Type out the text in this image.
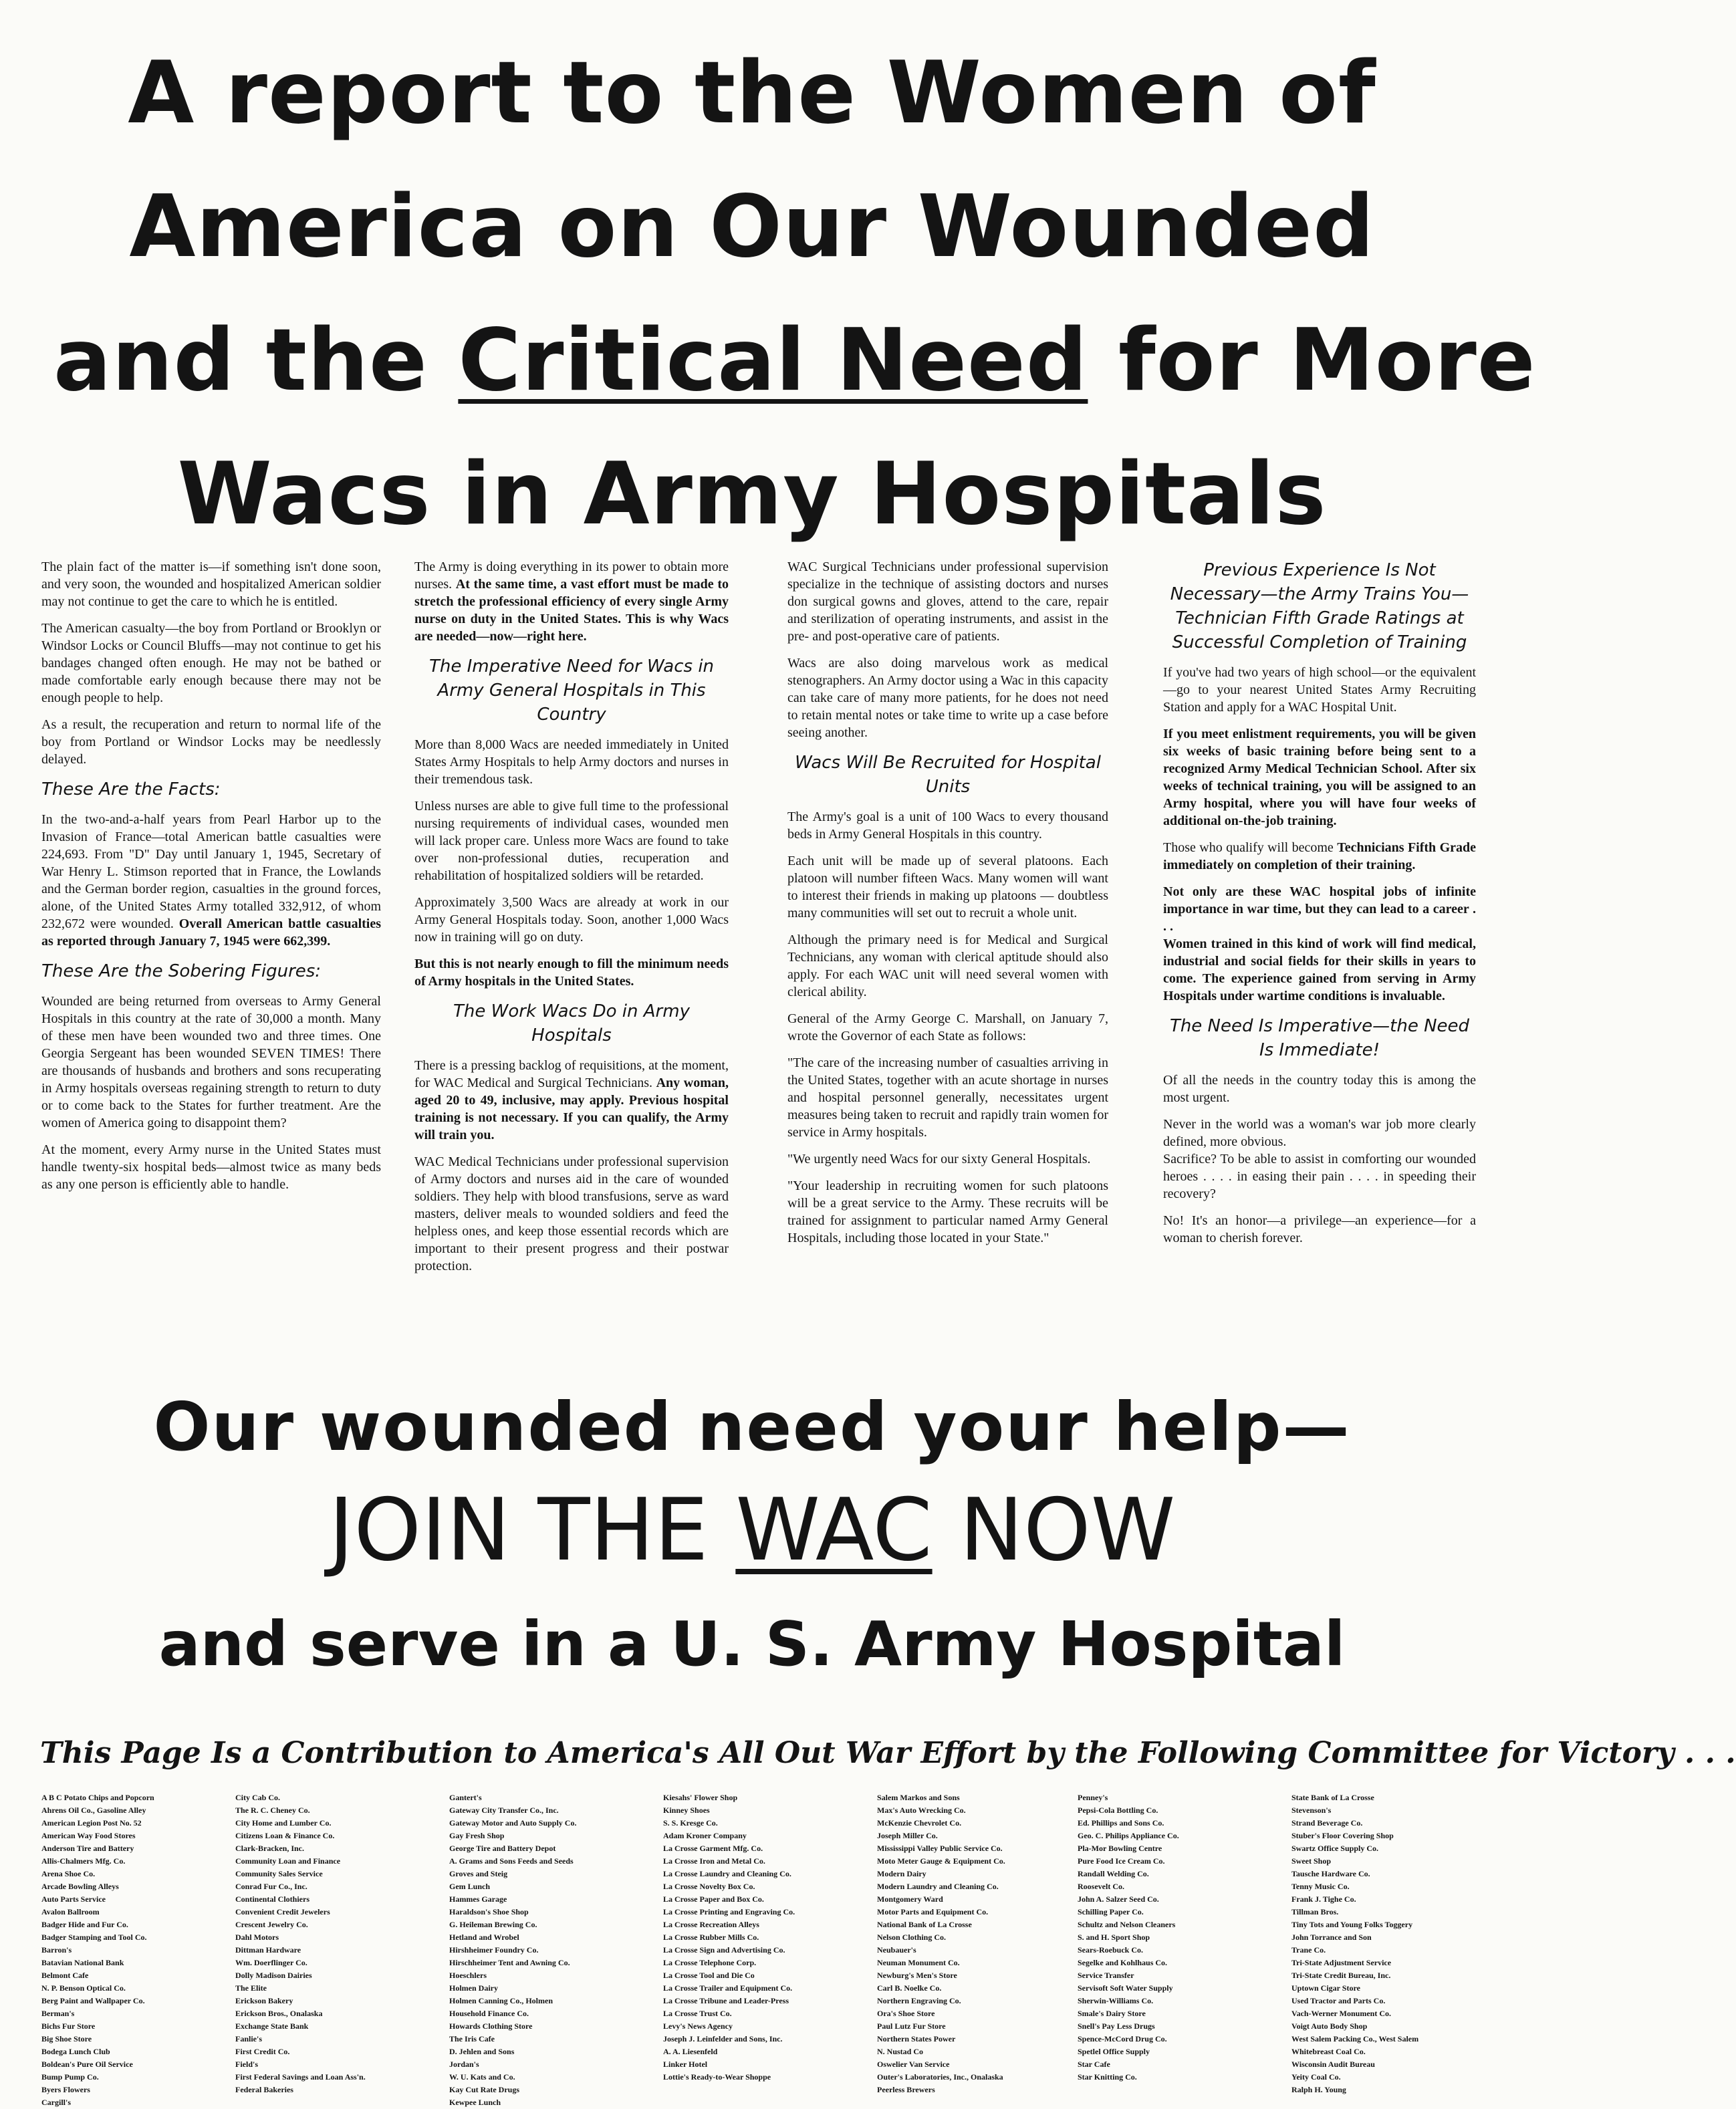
A report to the Women of
America on Our Wounded
and the Critical Need for More
Wacs in Army Hospitals

The plain fact of the matter is—if something isn't done soon, and very soon, the wounded and hospitalized American soldier may not continue to get the care to which he is entitled.

The American casualty—the boy from Portland or Brooklyn or Windsor Locks or Council Bluffs—may not continue to get his bandages changed often enough. He may not be bathed or made comfortable early enough because there may not be enough people to help.

As a result, the recuperation and return to normal life of the boy from Portland or Windsor Locks may be needlessly delayed.

These Are the Facts:

In the two-and-a-half years from Pearl Harbor up to the Invasion of France—total American battle casualties were 224,693. From "D" Day until January 1, 1945, Secretary of War Henry L. Stimson reported that in France, the Lowlands and the German border region, casualties in the ground forces, alone, of the United States Army totalled 332,912, of whom 232,672 were wounded. Overall American battle casualties as reported through January 7, 1945 were 662,399.

These Are the Sobering Figures:

Wounded are being returned from overseas to Army General Hospitals in this country at the rate of 30,000 a month. Many of these men have been wounded two and three times. One Georgia Sergeant has been wounded SEVEN TIMES! There are thousands of husbands and brothers and sons recuperating in Army hospitals overseas regaining strength to return to duty or to come back to the States for further treatment. Are the women of America going to disappoint them?

At the moment, every Army nurse in the United States must handle twenty-six hospital beds—almost twice as many beds as any one person is efficiently able to handle.

The Army is doing everything in its power to obtain more nurses. At the same time, a vast effort must be made to stretch the professional efficiency of every single Army nurse on duty in the United States. This is why Wacs are needed—now—right here.

The Imperative Need for Wacs in Army General Hospitals in This Country

More than 8,000 Wacs are needed immediately in United States Army Hospitals to help Army doctors and nurses in their tremendous task.

Unless nurses are able to give full time to the professional nursing requirements of individual cases, wounded men will lack proper care. Unless more Wacs are found to take over non-professional duties, recuperation and rehabilitation of hospitalized soldiers will be retarded.

Approximately 3,500 Wacs are already at work in our Army General Hospitals today. Soon, another 1,000 Wacs now in training will go on duty.

But this is not nearly enough to fill the minimum needs of Army hospitals in the United States.

The Work Wacs Do in Army Hospitals

There is a pressing backlog of requisitions, at the moment, for WAC Medical and Surgical Technicians. Any woman, aged 20 to 49, inclusive, may apply. Previous hospital training is not necessary. If you can qualify, the Army will train you.

WAC Medical Technicians under professional supervision of Army doctors and nurses aid in the care of wounded soldiers. They help with blood transfusions, serve as ward masters, deliver meals to wounded soldiers and feed the helpless ones, and keep those essential records which are important to their present progress and their postwar protection.

WAC Surgical Technicians under professional supervision specialize in the technique of assisting doctors and nurses don surgical gowns and gloves, attend to the care, repair and sterilization of operating instruments, and assist in the pre- and post-operative care of patients.

Wacs are also doing marvelous work as medical stenographers. An Army doctor using a Wac in this capacity can take care of many more patients, for he does not need to retain mental notes or take time to write up a case before seeing another.

Wacs Will Be Recruited for Hospital Units

The Army's goal is a unit of 100 Wacs to every thousand beds in Army General Hospitals in this country.

Each unit will be made up of several platoons. Each platoon will number fifteen Wacs. Many women will want to interest their friends in making up platoons — doubtless many communities will set out to recruit a whole unit.

Although the primary need is for Medical and Surgical Technicians, any woman with clerical aptitude should also apply. For each WAC unit will need several women with clerical ability.

General of the Army George C. Marshall, on January 7, wrote the Governor of each State as follows:

"The care of the increasing number of casualties arriving in the United States, together with an acute shortage in nurses and hospital personnel generally, necessitates urgent measures being taken to recruit and rapidly train women for service in Army hospitals.

"We urgently need Wacs for our sixty General Hospitals.

"Your leadership in recruiting women for such platoons will be a great service to the Army. These recruits will be trained for assignment to particular named Army General Hospitals, including those located in your State."

Previous Experience Is Not Necessary—the Army Trains You—Technician Fifth Grade Ratings at Successful Completion of Training

If you've had two years of high school—or the equivalent—go to your nearest United States Army Recruiting Station and apply for a WAC Hospital Unit.

If you meet enlistment requirements, you will be given six weeks of basic training before being sent to a recognized Army Medical Technician School. After six weeks of technical training, you will be assigned to an Army hospital, where you will have four weeks of additional on-the-job training.

Those who qualify will become Technicians Fifth Grade immediately on completion of their training.

Not only are these WAC hospital jobs of infinite importance in war time, but they can lead to a career . . .

Women trained in this kind of work will find medical, industrial and social fields for their skills in years to come. The experience gained from serving in Army Hospitals under wartime conditions is invaluable.

The Need Is Imperative—the Need Is Immediate!

Of all the needs in the country today this is among the most urgent.

Never in the world was a woman's war job more clearly defined, more obvious.

Sacrifice? To be able to assist in comforting our wounded heroes . . . . in easing their pain . . . . in speeding their recovery?

No! It's an honor—a privilege—an experience—for a woman to cherish forever.

Our wounded need your help—
JOIN THE WAC NOW
and serve in a U. S. Army Hospital
This Page Is a Contribution to America's All Out War Effort by the Following Committee for Victory . . .
A B C Potato Chips and Popcorn
Ahrens Oil Co., Gasoline Alley
American Legion Post No. 52
American Way Food Stores
Anderson Tire and Battery
Allis-Chalmers Mfg. Co.
Arena Shoe Co.
Arcade Bowling Alleys
Auto Parts Service
Avalon Ballroom
Badger Hide and Fur Co.
Badger Stamping and Tool Co.
Barron's
Batavian National Bank
Belmont Cafe
N. P. Benson Optical Co.
Berg Paint and Wallpaper Co.
Berman's
Bichs Fur Store
Big Shoe Store
Bodega Lunch Club
Boldean's Pure Oil Service
Bump Pump Co.
Byers Flowers
Cargill's
City Cab Co.
The R. C. Cheney Co.
City Home and Lumber Co.
Citizens Loan & Finance Co.
Clark-Bracken, Inc.
Community Loan and Finance
Community Sales Service
Conrad Fur Co., Inc.
Continental Clothiers
Convenient Credit Jewelers
Crescent Jewelry Co.
Dahl Motors
Dittman Hardware
Wm. Doerflinger Co.
Dolly Madison Dairies
The Elite
Erickson Bakery
Erickson Bros., Onalaska
Exchange State Bank
Fanlie's
First Credit Co.
Field's
First Federal Savings and Loan Ass'n.
Federal Bakeries
Gantert's
Gateway City Transfer Co., Inc.
Gateway Motor and Auto Supply Co.
Gay Fresh Shop
George Tire and Battery Depot
A. Grams and Sons Feeds and Seeds
Groves and Steig
Gem Lunch
Hammes Garage
Haraldson's Shoe Shop
G. Heileman Brewing Co.
Hetland and Wrobel
Hirshheimer Foundry Co.
Hirschheimer Tent and Awning Co.
Hoeschlers
Holmen Dairy
Holmen Canning Co., Holmen
Household Finance Co.
Howards Clothing Store
The Iris Cafe
D. Jehlen and Sons
Jordan's
W. U. Kats and Co.
Kay Cut Rate Drugs
Kewpee Lunch
Kiesahs' Flower Shop
Kinney Shoes
S. S. Kresge Co.
Adam Kroner Company
La Crosse Garment Mfg. Co.
La Crosse Iron and Metal Co.
La Crosse Laundry and Cleaning Co.
La Crosse Novelty Box Co.
La Crosse Paper and Box Co.
La Crosse Printing and Engraving Co.
La Crosse Recreation Alleys
La Crosse Rubber Mills Co.
La Crosse Sign and Advertising Co.
La Crosse Telephone Corp.
La Crosse Tool and Die Co
La Crosse Trailer and Equipment Co.
La Crosse Tribune and Leader-Press
La Crosse Trust Co.
Levy's News Agency
Joseph J. Leinfelder and Sons, Inc.
A. A. Liesenfeld
Linker Hotel
Lottie's Ready-to-Wear Shoppe
Salem Markos and Sons
Max's Auto Wrecking Co.
McKenzie Chevrolet Co.
Joseph Miller Co.
Mississippi Valley Public Service Co.
Moto Meter Gauge & Equipment Co.
Modern Dairy
Modern Laundry and Cleaning Co.
Montgomery Ward
Motor Parts and Equipment Co.
National Bank of La Crosse
Nelson Clothing Co.
Neubauer's
Neuman Monument Co.
Newburg's Men's Store
Carl B. Noelke Co.
Northern Engraving Co.
Ora's Shoe Store
Paul Lutz Fur Store
Northern States Power
N. Nustad Co
Oswelier Van Service
Outer's Laboratories, Inc., Onalaska
Peerless Brewers
Penney's
Pepsi-Cola Bottling Co.
Ed. Phillips and Sons Co.
Geo. C. Philips Appliance Co.
Pla-Mor Bowling Centre
Pure Food Ice Cream Co.
Randall Welding Co.
Roosevelt Co.
John A. Salzer Seed Co.
Schilling Paper Co.
Schultz and Nelson Cleaners
S. and H. Sport Shop
Sears-Roebuck Co.
Segelke and Kohlhaus Co.
Service Transfer
Servisoft Soft Water Supply
Sherwin-Williams Co.
Smale's Dairy Store
Snell's Pay Less Drugs
Spence-McCord Drug Co.
Spetlel Office Supply
Star Cafe
Star Knitting Co.
State Bank of La Crosse
Stevenson's
Strand Beverage Co.
Stuber's Floor Covering Shop
Swartz Office Supply Co.
Sweet Shop
Tausche Hardware Co.
Tenny Music Co.
Frank J. Tighe Co.
Tillman Bros.
Tiny Tots and Young Folks Toggery
John Torrance and Son
Trane Co.
Tri-State Adjustment Service
Tri-State Credit Bureau, Inc.
Uptown Cigar Store
Used Tractor and Parts Co.
Vach-Werner Monument Co.
Voigt Auto Body Shop
West Salem Packing Co., West Salem
Whitebreast Coal Co.
Wisconsin Audit Bureau
Yeity Coal Co.
Ralph H. Young
